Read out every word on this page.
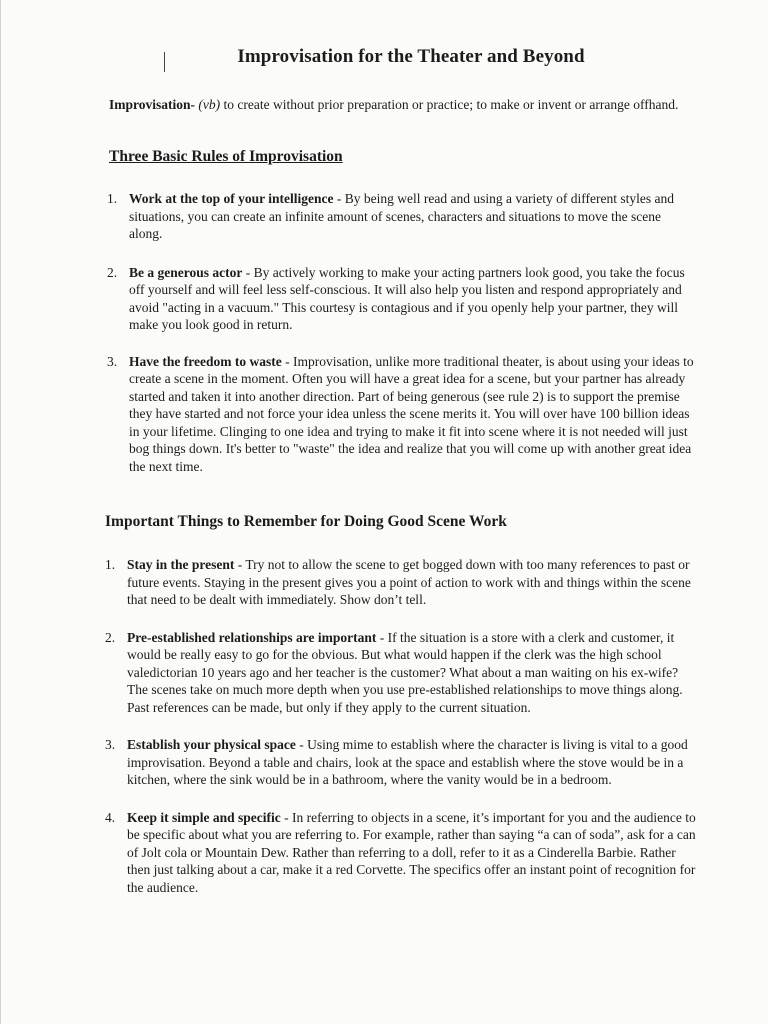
Improvisation for the Theater and Beyond
Improvisation- (vb) to create without prior preparation or practice; to make or invent or arrange offhand.
Three Basic Rules of Improvisation
1. Work at the top of your intelligence - By being well read and using a variety of different styles and situations, you can create an infinite amount of scenes, characters and situations to move the scene along.
2. Be a generous actor - By actively working to make your acting partners look good, you take the focus off yourself and will feel less self-conscious. It will also help you listen and respond appropriately and avoid "acting in a vacuum." This courtesy is contagious and if you openly help your partner, they will make you look good in return.
3. Have the freedom to waste - Improvisation, unlike more traditional theater, is about using your ideas to create a scene in the moment. Often you will have a great idea for a scene, but your partner has already started and taken it into another direction. Part of being generous (see rule 2) is to support the premise they have started and not force your idea unless the scene merits it. You will over have 100 billion ideas in your lifetime. Clinging to one idea and trying to make it fit into scene where it is not needed will just bog things down. It's better to "waste" the idea and realize that you will come up with another great idea the next time.
Important Things to Remember for Doing Good Scene Work
1. Stay in the present - Try not to allow the scene to get bogged down with too many references to past or future events. Staying in the present gives you a point of action to work with and things within the scene that need to be dealt with immediately. Show don’t tell.
2. Pre-established relationships are important - If the situation is a store with a clerk and customer, it would be really easy to go for the obvious. But what would happen if the clerk was the high school valedictorian 10 years ago and her teacher is the customer? What about a man waiting on his ex-wife? The scenes take on much more depth when you use pre-established relationships to move things along. Past references can be made, but only if they apply to the current situation.
3. Establish your physical space - Using mime to establish where the character is living is vital to a good improvisation. Beyond a table and chairs, look at the space and establish where the stove would be in a kitchen, where the sink would be in a bathroom, where the vanity would be in a bedroom.
4. Keep it simple and specific - In referring to objects in a scene, it’s important for you and the audience to be specific about what you are referring to. For example, rather than saying “a can of soda”, ask for a can of Jolt cola or Mountain Dew. Rather than referring to a doll, refer to it as a Cinderella Barbie. Rather then just talking about a car, make it a red Corvette. The specifics offer an instant point of recognition for the audience.
